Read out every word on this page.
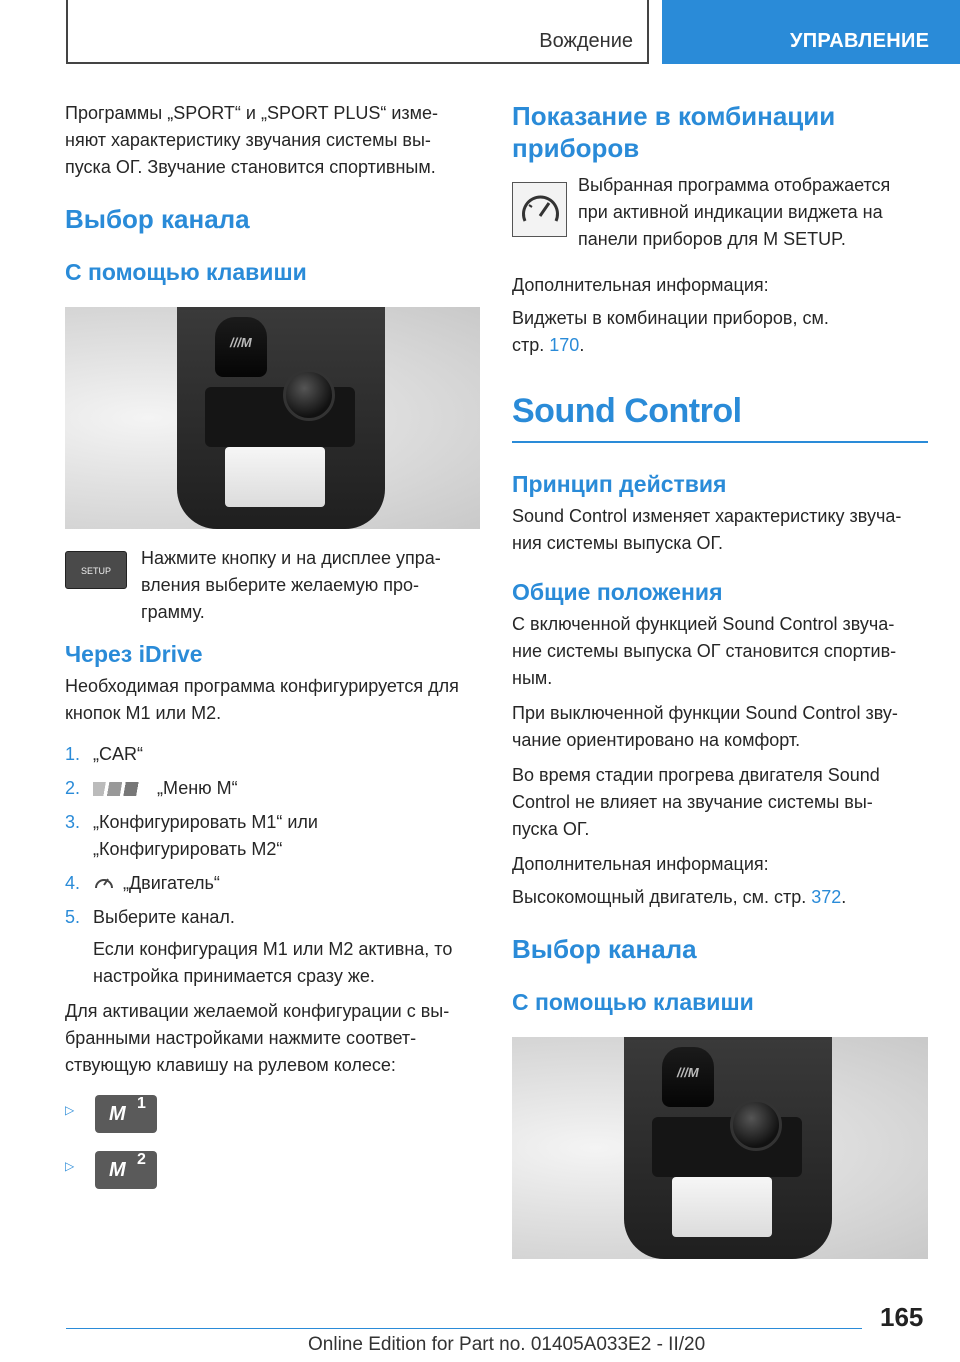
Вождение	УПРАВЛЕНИЕ

Программы „SPORT“ и „SPORT PLUS“ изме-
няют характеристику звучания системы вы-
пуска ОГ. Звучание становится спортивным.

Выбор канала
С помощью клавиши
///M
SETUP

Нажмите кнопку и на дисплее упра-
вления выберите желаемую про-
грамму.

Через iDrive

Необходимая программа конфигурируется для
кнопок M1 или M2.

1. „CAR“
2.	„Меню M“
3. „Конфигурировать M1“ или
„Конфигурировать M2“
4. „Двигатель“
5. Выберите канал.

Если конфигурация M1 или M2 активна, то
настройка принимается сразу же.

Для активации желаемой конфигурации с вы-
бранными настройками нажмите соответ-
ствующую клавишу на рулевом колесе:

▷ M 1
▷ M 2
Показание в комбинации
приборов

Выбранная программа отображается
при активной индикации виджета на
панели приборов для M SETUP.

Дополнительная информация:

Виджеты в комбинации приборов, см.
стр. 170.

Sound Control
Принцип действия

Sound Control изменяет характеристику звуча-
ния системы выпуска ОГ.

Общие положения

С включенной функцией Sound Control звуча-
ние системы выпуска ОГ становится спортив-
ным.

При выключенной функции Sound Control зву-
чание ориентировано на комфорт.

Во время стадии прогрева двигателя Sound
Control не влияет на звучание системы вы-
пуска ОГ.

Дополнительная информация:

Высокомощный двигатель, см. стр. 372.

Выбор канала
С помощью клавиши
///M
165
Online Edition for Part no. 01405A033E2 - II/20
